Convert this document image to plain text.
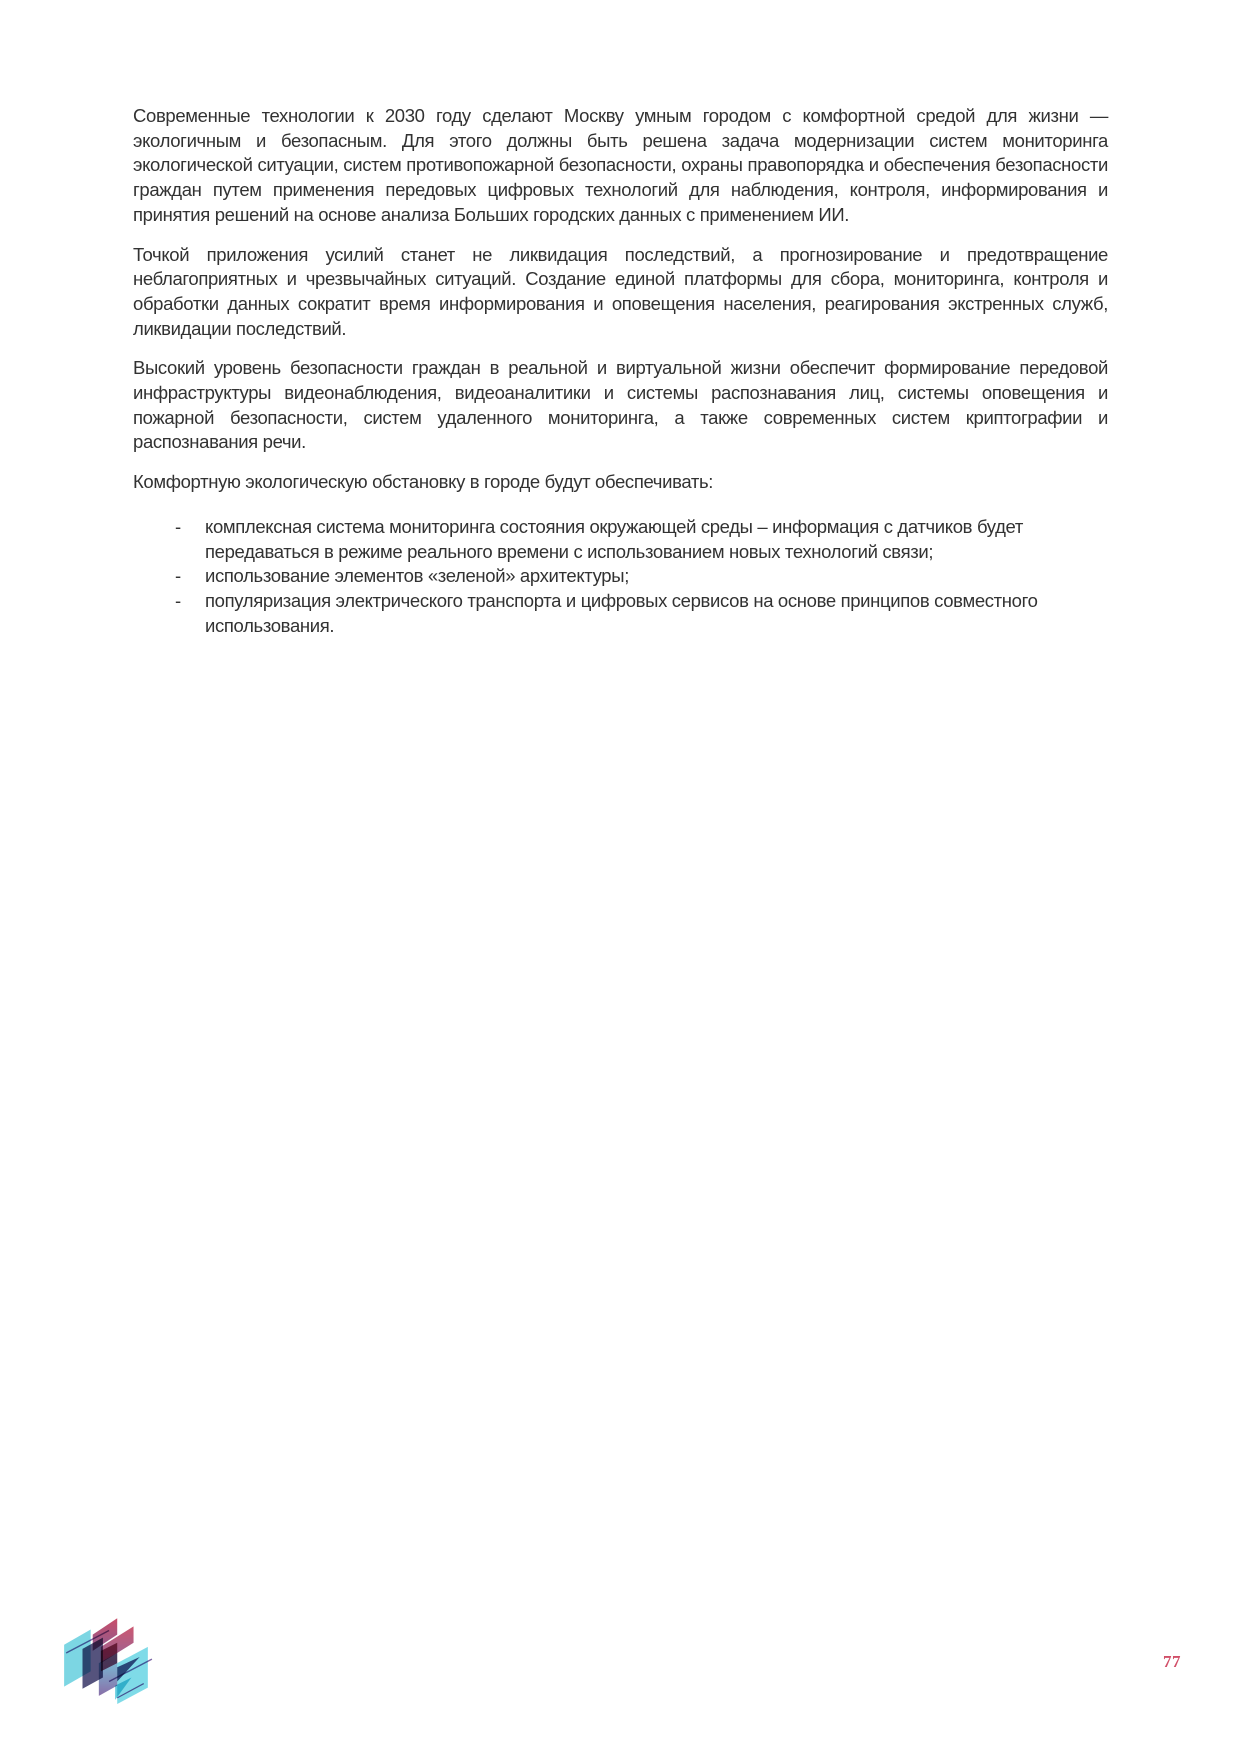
Современные технологии к 2030 году сделают Москву умным городом с комфортной средой для жизни — экологичным и безопасным. Для этого должны быть решена задача модернизации систем мониторинга экологической ситуации, систем противопожарной безопасности, охраны правопорядка и обеспечения безопасности граждан путем применения передовых цифровых технологий для наблюдения, контроля, информирования и принятия решений на основе анализа Больших городских данных с применением ИИ.

Точкой приложения усилий станет не ликвидация последствий, а прогнозирование и предотвращение неблагоприятных и чрезвычайных ситуаций. Создание единой платформы для сбора, мониторинга, контроля и обработки данных сократит время информирования и оповещения населения, реагирования экстренных служб, ликвидации последствий.

Высокий уровень безопасности граждан в реальной и виртуальной жизни обеспечит формирование передовой инфраструктуры видеонаблюдения, видеоаналитики и системы распознавания лиц, системы оповещения и пожарной безопасности, систем удаленного мониторинга, а также современных систем криптографии и распознавания речи.

Комфортную экологическую обстановку в городе будут обеспечивать:

-	комплексная система мониторинга состояния окружающей среды – информация с датчиков будет передаваться в режиме реального времени с использованием новых технологий связи;
-	использование элементов «зеленой» архитектуры;
-	популяризация электрического транспорта и цифровых сервисов на основе принципов совместного использования.
77
